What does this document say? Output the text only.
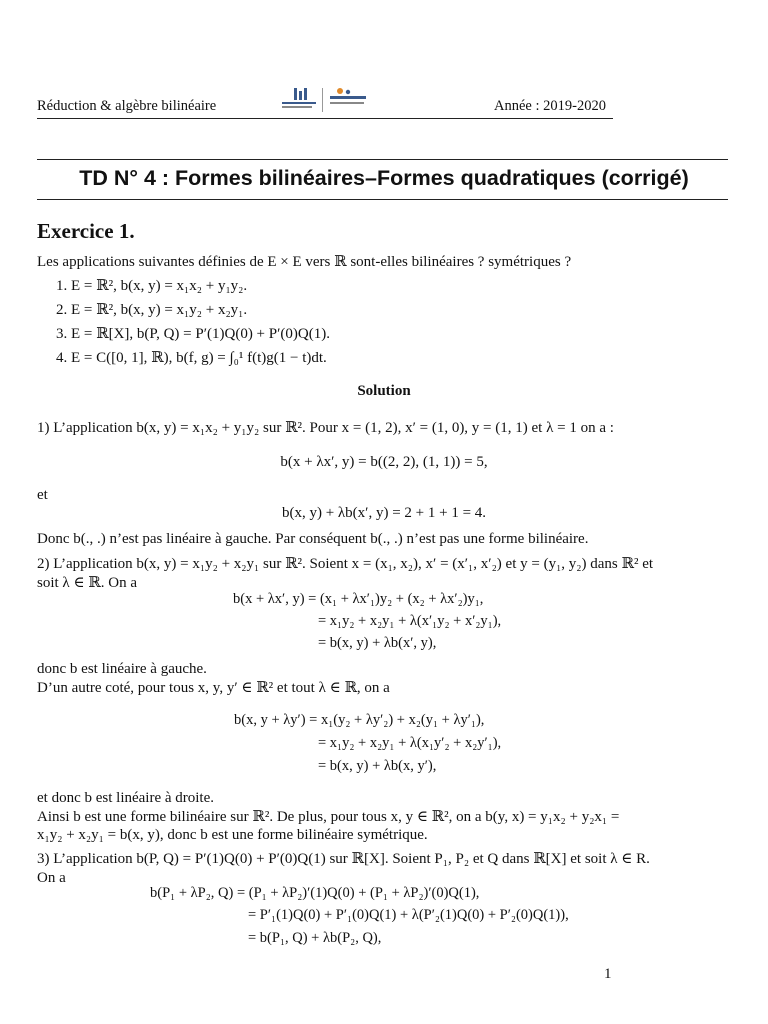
Réduction & algèbre bilinéaire	Année : 2019-2020
TD N° 4 : Formes bilinéaires–Formes quadratiques (corrigé)
Exercice 1.
Les applications suivantes définies de E × E vers ℝ sont-elles bilinéaires ? symétriques ?
1. E = ℝ², b(x, y) = x₁x₂ + y₁y₂.
2. E = ℝ², b(x, y) = x₁y₂ + x₂y₁.
3. E = ℝ[X], b(P, Q) = P′(1)Q(0) + P′(0)Q(1).
4. E = C([0, 1], ℝ), b(f, g) = ∫₀¹ f(t)g(1 − t)dt.
Solution
1) L’application b(x, y) = x₁x₂ + y₁y₂ sur ℝ². Pour x = (1, 2), x′ = (1, 0), y = (1, 1) et λ = 1 on a :
b(x + λx′, y) = b((2, 2), (1, 1)) = 5,
et
b(x, y) + λb(x′, y) = 2 + 1 + 1 = 4.
Donc b(., .) n’est pas linéaire à gauche. Par conséquent b(., .) n’est pas une forme bilinéaire.
2) L’application b(x, y) = x₁y₂ + x₂y₁ sur ℝ². Soient x = (x₁, x₂), x′ = (x′₁, x′₂) et y = (y₁, y₂) dans ℝ² et
soit λ ∈ ℝ. On a
b(x + λx′, y) = (x₁ + λx′₁)y₂ + (x₂ + λx′₂)y₁,
= x₁y₂ + x₂y₁ + λ(x′₁y₂ + x′₂y₁),
= b(x, y) + λb(x′, y),
donc b est linéaire à gauche.
D’un autre coté, pour tous x, y, y′ ∈ ℝ² et tout λ ∈ ℝ, on a
b(x, y + λy′) = x₁(y₂ + λy′₂) + x₂(y₁ + λy′₁),
= x₁y₂ + x₂y₁ + λ(x₁y′₂ + x₂y′₁),
= b(x, y) + λb(x, y′),
et donc b est linéaire à droite.
Ainsi b est une forme bilinéaire sur ℝ². De plus, pour tous x, y ∈ ℝ², on a b(y, x) = y₁x₂ + y₂x₁ =
x₁y₂ + x₂y₁ = b(x, y), donc b est une forme bilinéaire symétrique.
3) L’application b(P, Q) = P′(1)Q(0) + P′(0)Q(1) sur ℝ[X]. Soient P₁, P₂ et Q dans ℝ[X] et soit λ ∈ R.
On a
b(P₁ + λP₂, Q) = (P₁ + λP₂)′(1)Q(0) + (P₁ + λP₂)′(0)Q(1),
= P′₁(1)Q(0) + P′₁(0)Q(1) + λ(P′₂(1)Q(0) + P′₂(0)Q(1)),
= b(P₁, Q) + λb(P₂, Q),
1
